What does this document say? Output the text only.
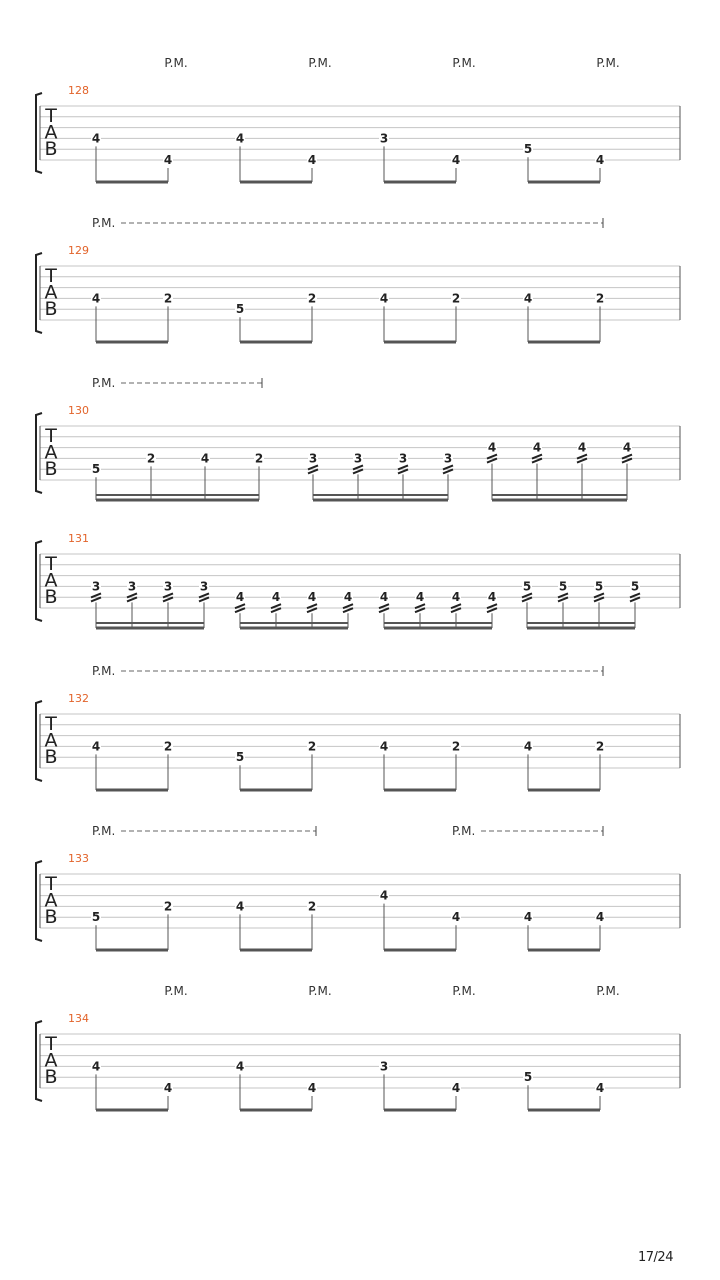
T
A
B
128
P.M.	P.M.	P.M.	P.M.
4
4
4
4
3
4
5
4
T
A
B
129
P.M.
4	2
5
2	4	2	4	2
T
A
B
130
P.M.
5
2	4	2	3	3	3	3
4	4	4	4
T
A
B
131
3 3 3 3
4 4 4 4 4 4 4 4
5 5 5 5
T
A
B
132
P.M.
4	2
5
2	4	2	4	2
T
A
B
133
P.M.	P.M.
5
2	4	2
4
4	4	4
T
A
B
134
P.M.	P.M.	P.M.	P.M.
4
4
4
4
3
4
5
4
17/24
